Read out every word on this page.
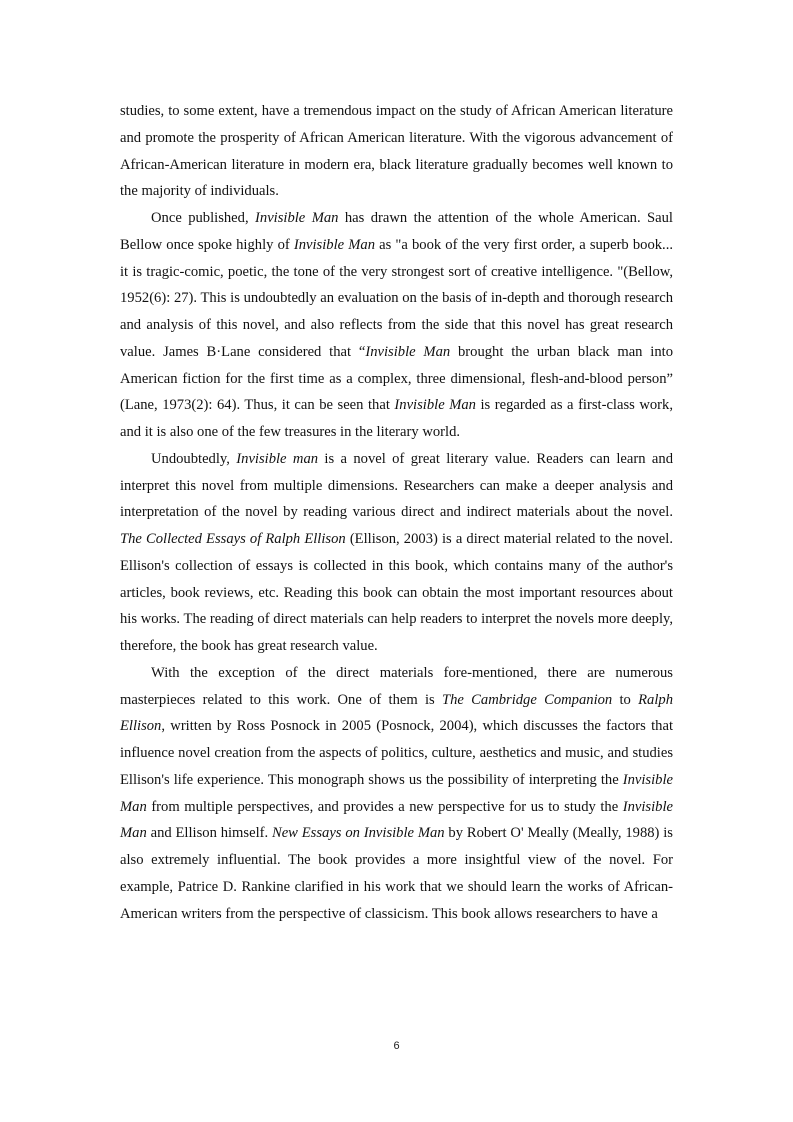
studies, to some extent, have a tremendous impact on the study of African American literature and promote the prosperity of African American literature. With the vigorous advancement of African-American literature in modern era, black literature gradually becomes well known to the majority of individuals.

Once published, Invisible Man has drawn the attention of the whole American. Saul Bellow once spoke highly of Invisible Man as "a book of the very first order, a superb book... it is tragic-comic, poetic, the tone of the very strongest sort of creative intelligence. "(Bellow, 1952(6): 27). This is undoubtedly an evaluation on the basis of in-depth and thorough research and analysis of this novel, and also reflects from the side that this novel has great research value. James B·Lane considered that “Invisible Man brought the urban black man into American fiction for the first time as a complex, three dimensional, flesh-and-blood person” (Lane, 1973(2): 64). Thus, it can be seen that Invisible Man is regarded as a first-class work, and it is also one of the few treasures in the literary world.

Undoubtedly, Invisible man is a novel of great literary value. Readers can learn and interpret this novel from multiple dimensions. Researchers can make a deeper analysis and interpretation of the novel by reading various direct and indirect materials about the novel. The Collected Essays of Ralph Ellison (Ellison, 2003) is a direct material related to the novel. Ellison's collection of essays is collected in this book, which contains many of the author's articles, book reviews, etc. Reading this book can obtain the most important resources about his works. The reading of direct materials can help readers to interpret the novels more deeply, therefore, the book has great research value.

With the exception of the direct materials fore-mentioned, there are numerous masterpieces related to this work. One of them is The Cambridge Companion to Ralph Ellison, written by Ross Posnock in 2005 (Posnock, 2004), which discusses the factors that influence novel creation from the aspects of politics, culture, aesthetics and music, and studies Ellison's life experience. This monograph shows us the possibility of interpreting the Invisible Man from multiple perspectives, and provides a new perspective for us to study the Invisible Man and Ellison himself. New Essays on Invisible Man by Robert O' Meally (Meally, 1988) is also extremely influential. The book provides a more insightful view of the novel. For example, Patrice D. Rankine clarified in his work that we should learn the works of African-American writers from the perspective of classicism. This book allows researchers to have a

6
